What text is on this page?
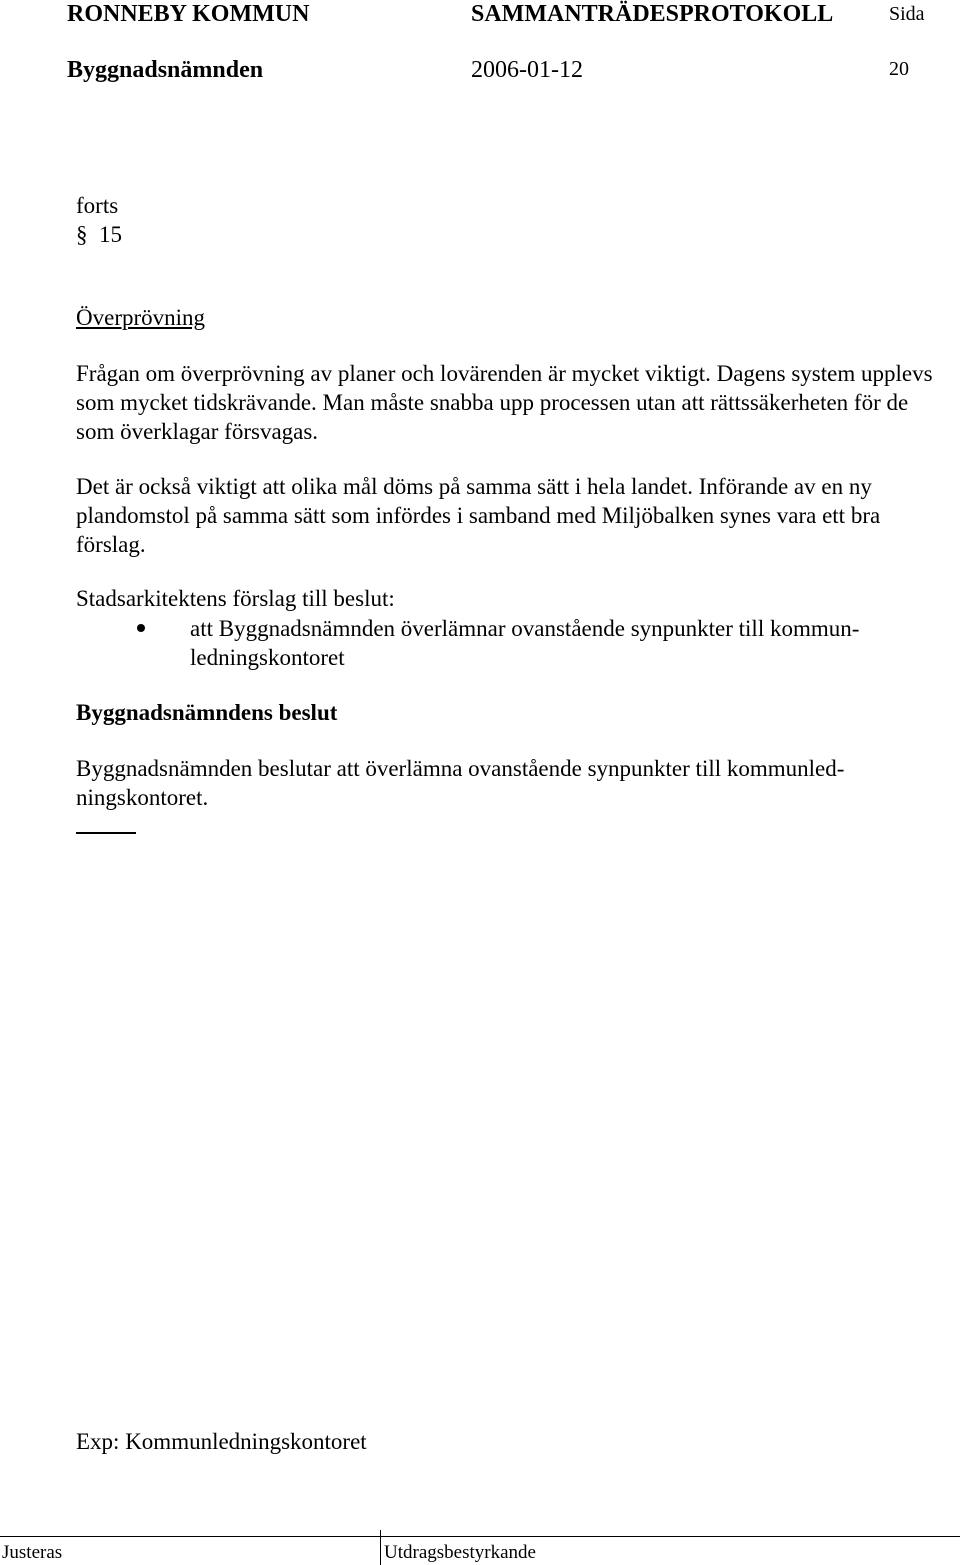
RONNEBY KOMMUN	SAMMANTRÄDESPROTOKOLL	Sida
Byggnadsnämnden	2006-01-12	20
forts
§ 15
Överprövning
Frågan om överprövning av planer och lovärenden är mycket viktigt. Dagens system upplevs som mycket tidskrävande. Man måste snabba upp processen utan att rättssäkerheten för de som överklagar försvagas.
Det är också viktigt att olika mål döms på samma sätt i hela landet. Införande av en ny plandomstol på samma sätt som infördes i samband med Miljöbalken synes vara ett bra förslag.
Stadsarkitektens förslag till beslut:
att Byggnadsnämnden överlämnar ovanstående synpunkter till kommun-ledningskontoret
Byggnadsnämndens beslut
Byggnadsnämnden beslutar att överlämna ovanstående synpunkter till kommunled-ningskontoret.
Exp: Kommunledningskontoret
Justeras	Utdragsbestyrkande
